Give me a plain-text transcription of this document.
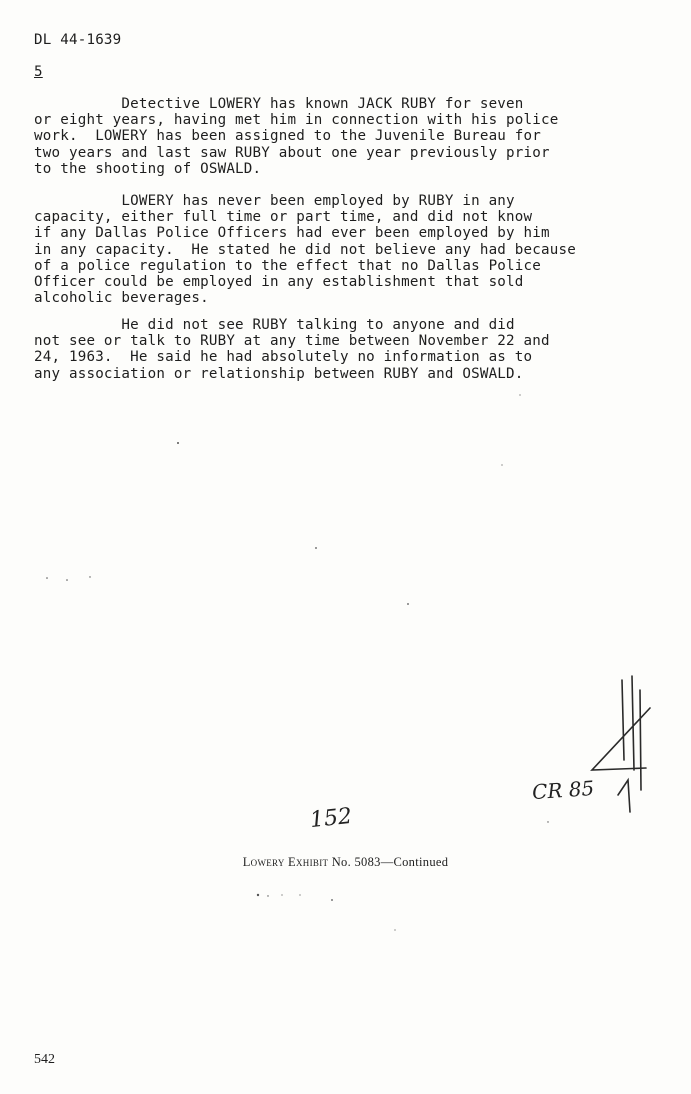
DL 44-1639
5
Detective LOWERY has known JACK RUBY for seven
or eight years, having met him in connection with his police
work.  LOWERY has been assigned to the Juvenile Bureau for
two years and last saw RUBY about one year previously prior
to the shooting of OSWALD.
LOWERY has never been employed by RUBY in any
capacity, either full time or part time, and did not know
if any Dallas Police Officers had ever been employed by him
in any capacity.  He stated he did not believe any had because
of a police regulation to the effect that no Dallas Police
Officer could be employed in any establishment that sold
alcoholic beverages.
He did not see RUBY talking to anyone and did
not see or talk to RUBY at any time between November 22 and
24, 1963.  He said he had absolutely no information as to
any association or relationship between RUBY and OSWALD.
152
CR 85
Lowery Exhibit No. 5083—Continued
542
